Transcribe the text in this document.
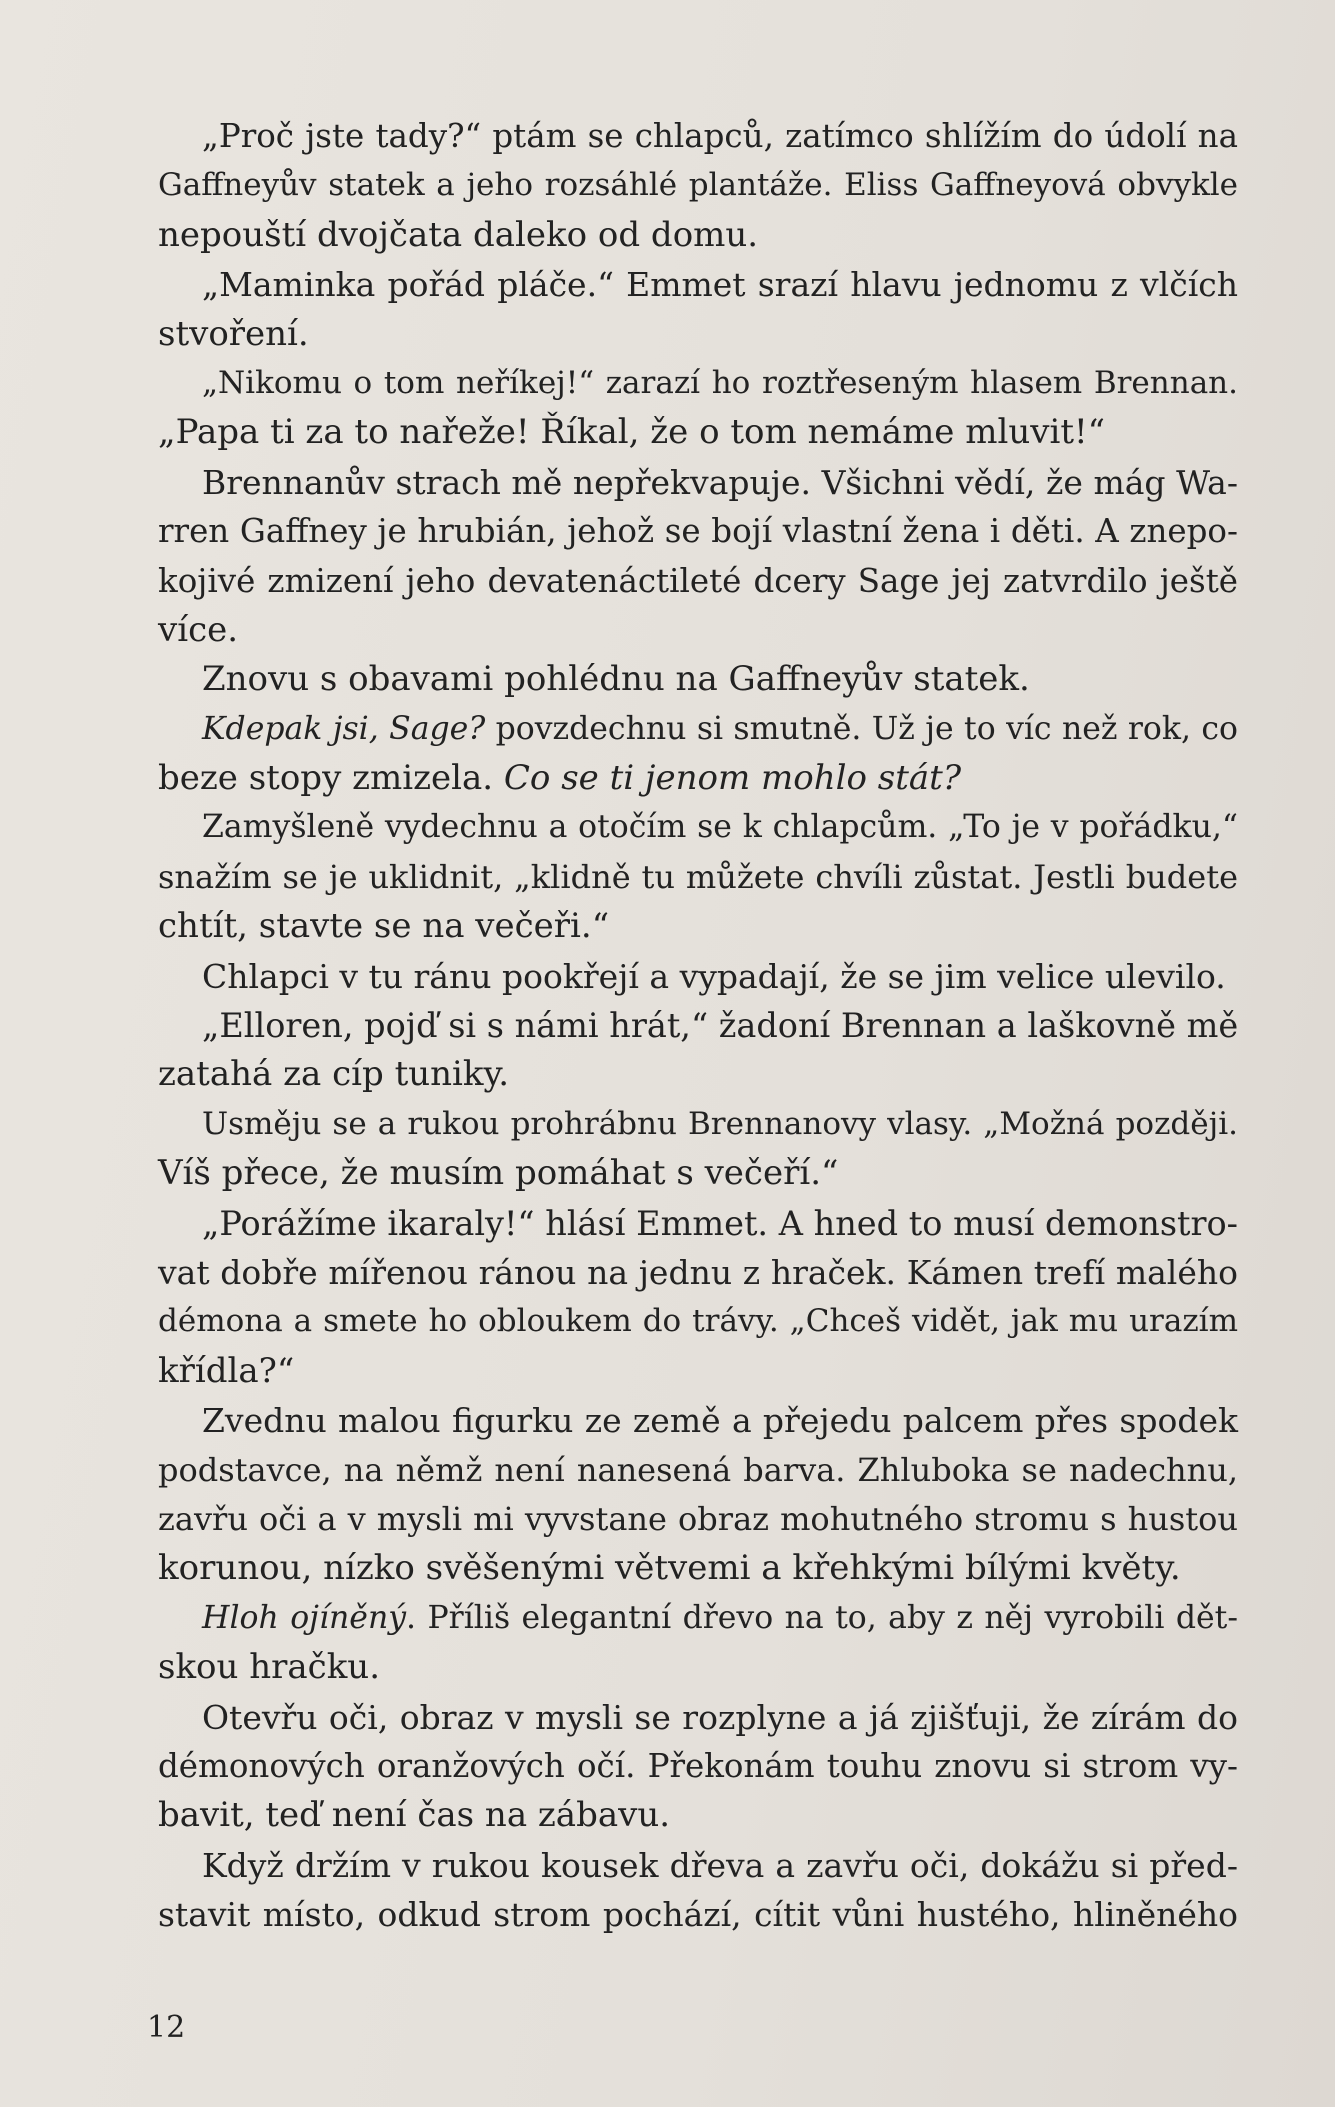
„Proč jste tady?“ ptám se chlapců, zatímco shlížím do údolí na
Gaffneyův statek a jeho rozsáhlé plantáže. Eliss Gaffneyová obvykle
nepouští dvojčata daleko od domu.
„Maminka pořád pláče.“ Emmet srazí hlavu jednomu z vlčích
stvoření.
„Nikomu o tom neříkej!“ zarazí ho roztřeseným hlasem Brennan.
„Papa ti za to nařeže! Říkal, že o tom nemáme mluvit!“
Brennanův strach mě nepřekvapuje. Všichni vědí, že mág Wa-
rren Gaffney je hrubián, jehož se bojí vlastní žena i děti. A znepo-
kojivé zmizení jeho devatenáctileté dcery Sage jej zatvrdilo ještě
více.
Znovu s obavami pohlédnu na Gaffneyův statek.
Kdepak jsi, Sage? povzdechnu si smutně. Už je to víc než rok, co
beze stopy zmizela. Co se ti jenom mohlo stát?
Zamyšleně vydechnu a otočím se k chlapcům. „To je v pořádku,“
snažím se je uklidnit, „klidně tu můžete chvíli zůstat. Jestli budete
chtít, stavte se na večeři.“
Chlapci v tu ránu pookřejí a vypadají, že se jim velice ulevilo.
„Elloren, pojď si s námi hrát,“ žadoní Brennan a laškovně mě
zatahá za cíp tuniky.
Usměju se a rukou prohrábnu Brennanovy vlasy. „Možná později.
Víš přece, že musím pomáhat s večeří.“
„Porážíme ikaraly!“ hlásí Emmet. A hned to musí demonstro-
vat dobře mířenou ránou na jednu z hraček. Kámen trefí malého
démona a smete ho obloukem do trávy. „Chceš vidět, jak mu urazím
křídla?“
Zvednu malou figurku ze země a přejedu palcem přes spodek
podstavce, na němž není nanesená barva. Zhluboka se nadechnu,
zavřu oči a v mysli mi vyvstane obraz mohutného stromu s hustou
korunou, nízko svěšenými větvemi a křehkými bílými květy.
Hloh ojíněný. Příliš elegantní dřevo na to, aby z něj vyrobili dět-
skou hračku.
Otevřu oči, obraz v mysli se rozplyne a já zjišťuji, že zírám do
démonových oranžových očí. Překonám touhu znovu si strom vy-
bavit, teď není čas na zábavu.
Když držím v rukou kousek dřeva a zavřu oči, dokážu si před-
stavit místo, odkud strom pochází, cítit vůni hustého, hliněného
12
